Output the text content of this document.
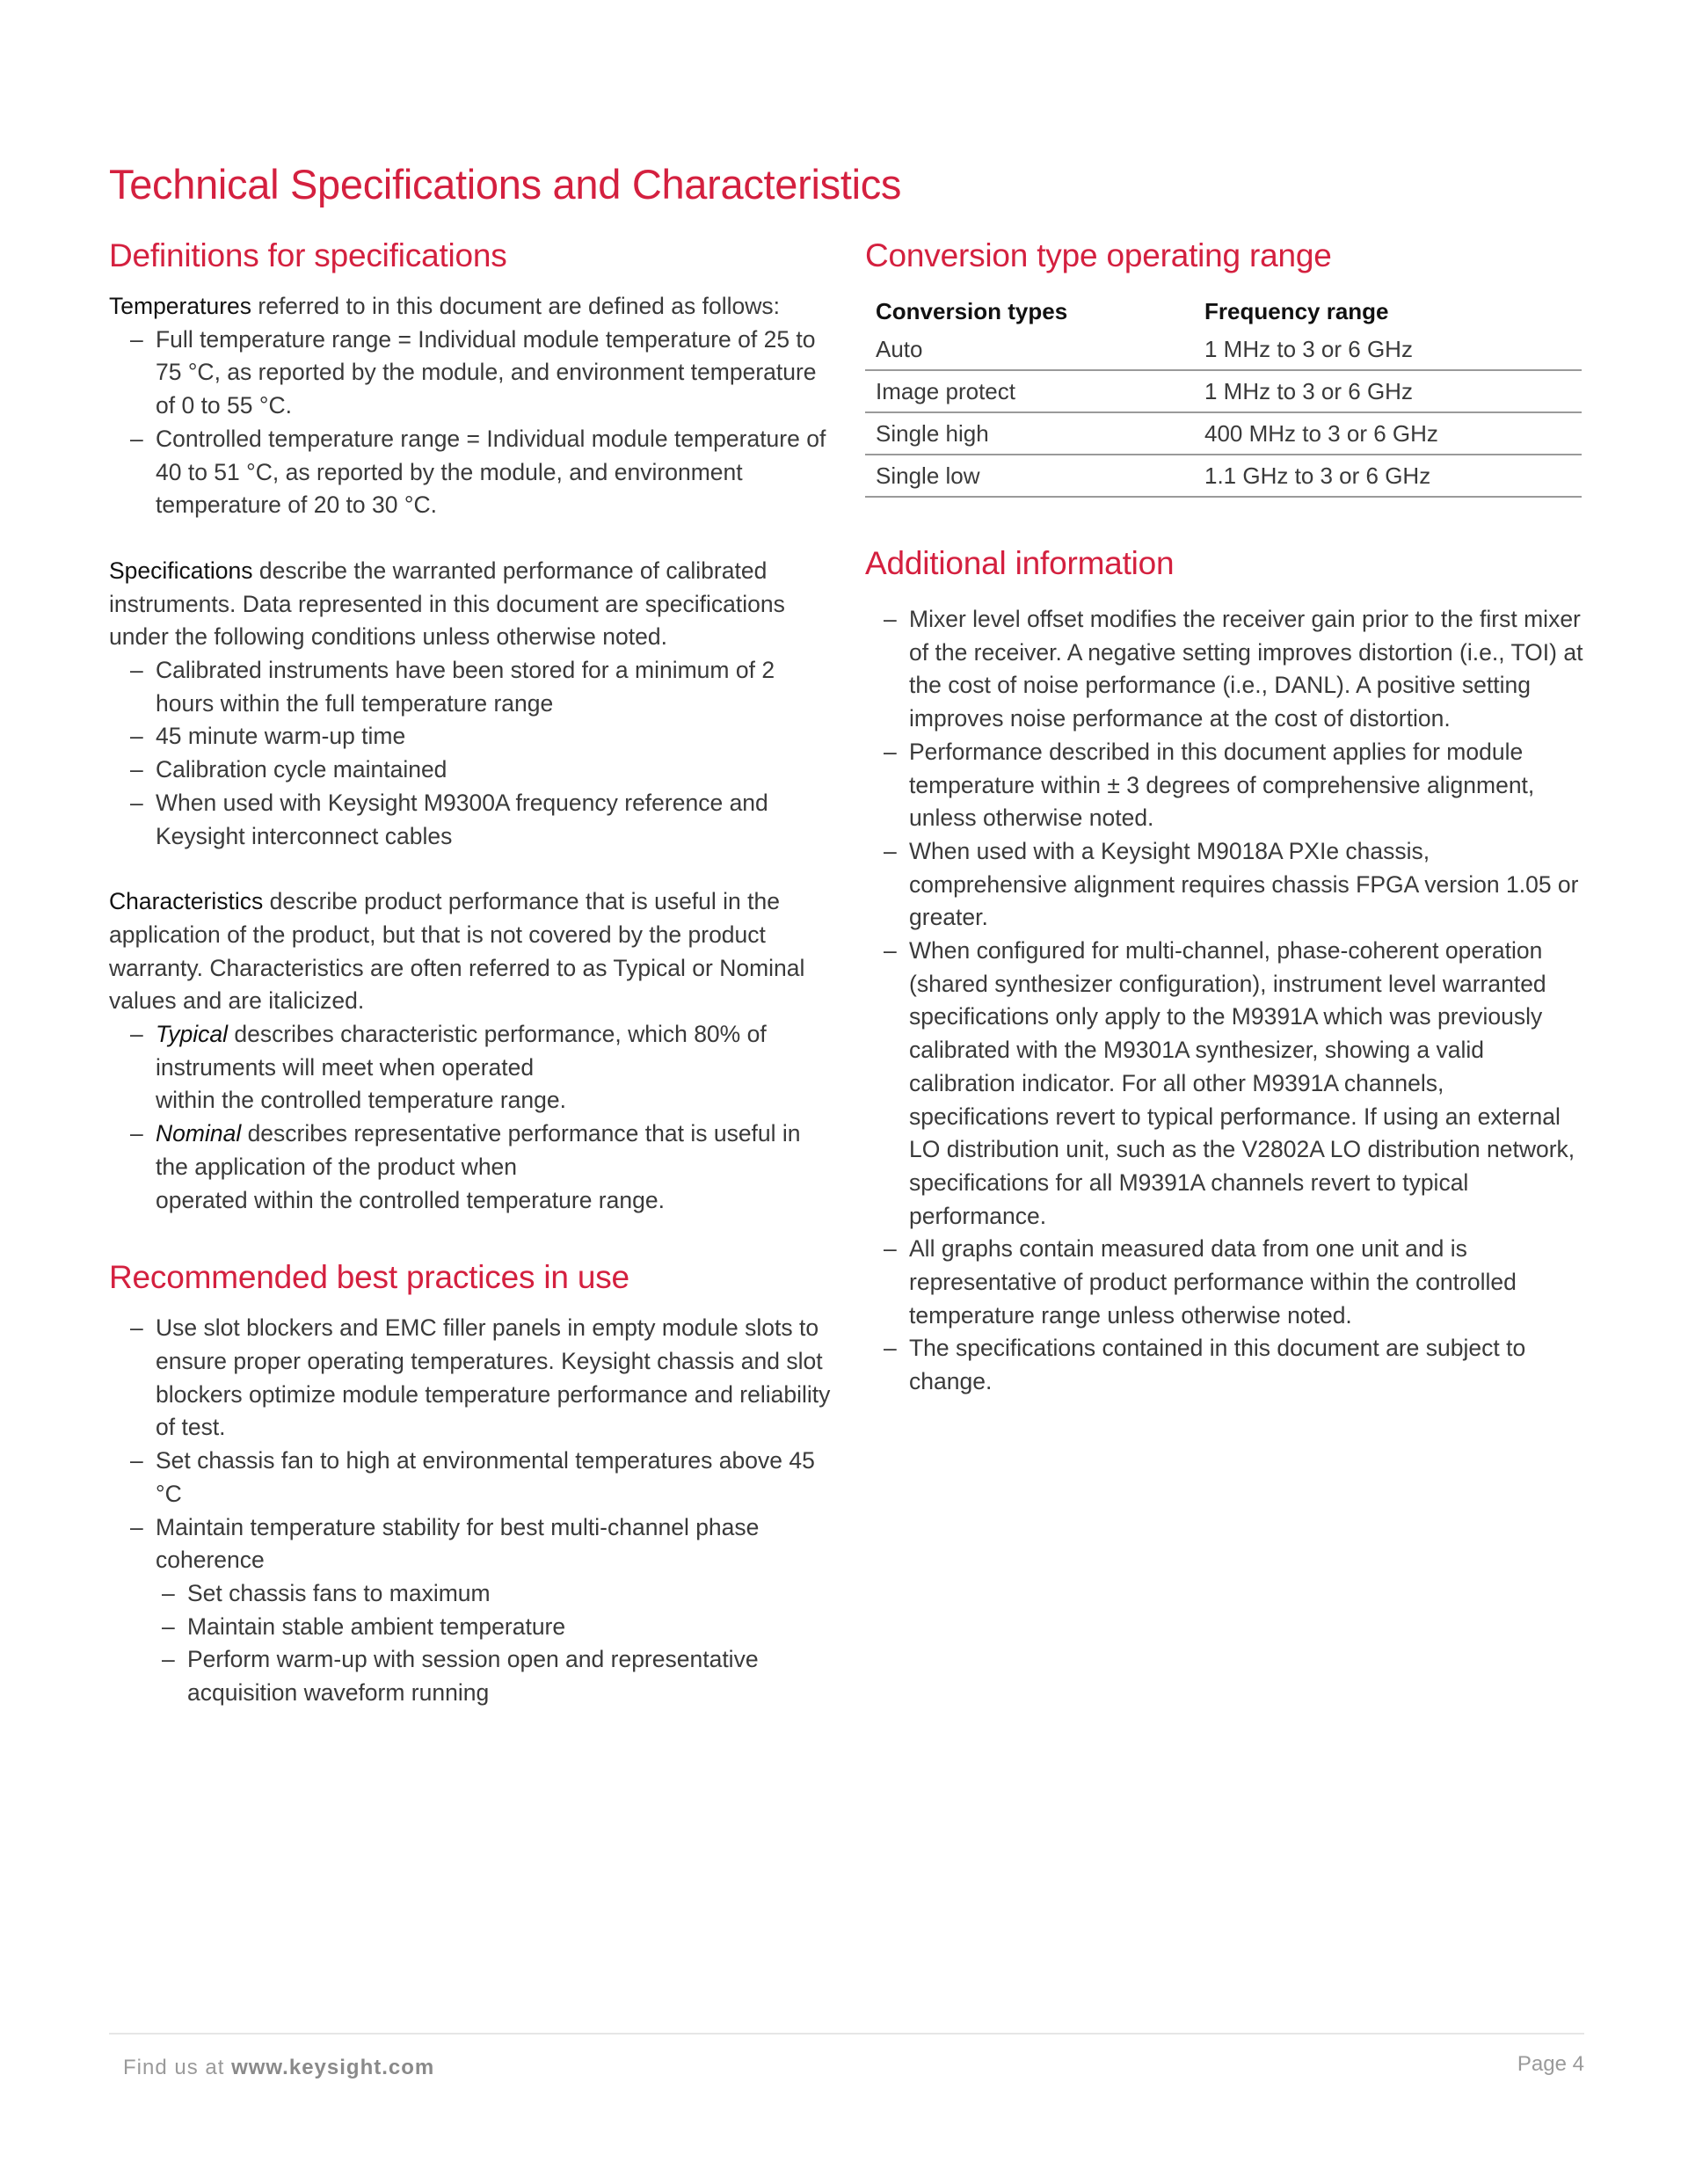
Technical Specifications and Characteristics
Definitions for specifications

Temperatures referred to in this document are defined as follows:

– Full temperature range = Individual module temperature of 25 to 75 °C, as reported by the module, and environment temperature of 0 to 55 °C.
– Controlled temperature range = Individual module temperature of 40 to 51 °C, as reported by the module, and environment temperature of 20 to 30 °C.

Specifications describe the warranted performance of calibrated instruments. Data represented in this document are specifications under the following conditions unless otherwise noted.

– Calibrated instruments have been stored for a minimum of 2 hours within the full temperature range
– 45 minute warm-up time
– Calibration cycle maintained
– When used with Keysight M9300A frequency reference and Keysight interconnect cables

Characteristics describe product performance that is useful in the application of the product, but that is not covered by the product warranty. Characteristics are often referred to as Typical or Nominal values and are italicized.

– Typical describes characteristic performance, which 80% of instruments will meet when operated
within the controlled temperature range.
– Nominal describes representative performance that is useful in the application of the product when
operated within the controlled temperature range.
Recommended best practices in use
– Use slot blockers and EMC filler panels in empty module slots to ensure proper operating temperatures. Keysight chassis and slot blockers optimize module temperature performance and reliability of test.
– Set chassis fan to high at environmental temperatures above 45 °C
– Maintain temperature stability for best multi-channel phase coherence
– Set chassis fans to maximum
– Maintain stable ambient temperature
– Perform warm-up with session open and representative acquisition waveform running
Conversion type operating range
Conversion types	Frequency range
Auto	1 MHz to 3 or 6 GHz
Image protect	1 MHz to 3 or 6 GHz
Single high	400 MHz to 3 or 6 GHz
Single low	1.1 GHz to 3 or 6 GHz
Additional information
– Mixer level offset modifies the receiver gain prior to the first mixer of the receiver. A negative setting improves distortion (i.e., TOI) at the cost of noise performance (i.e., DANL). A positive setting improves noise performance at the cost of distortion.
– Performance described in this document applies for module temperature within ± 3 degrees of comprehensive alignment, unless otherwise noted.
– When used with a Keysight M9018A PXIe chassis, comprehensive alignment requires chassis FPGA version 1.05 or greater.
– When configured for multi-channel, phase-coherent operation (shared synthesizer configuration), instrument level warranted specifications only apply to the M9391A which was previously calibrated with the M9301A synthesizer, showing a valid calibration indicator. For all other M9391A channels, specifications revert to typical performance. If using an external LO distribution unit, such as the V2802A LO distribution network, specifications for all M9391A channels revert to typical performance.
– All graphs contain measured data from one unit and is representative of product performance within the controlled temperature range unless otherwise noted.
– The specifications contained in this document are subject to change.
Find us at www.keysight.com	Page 4
